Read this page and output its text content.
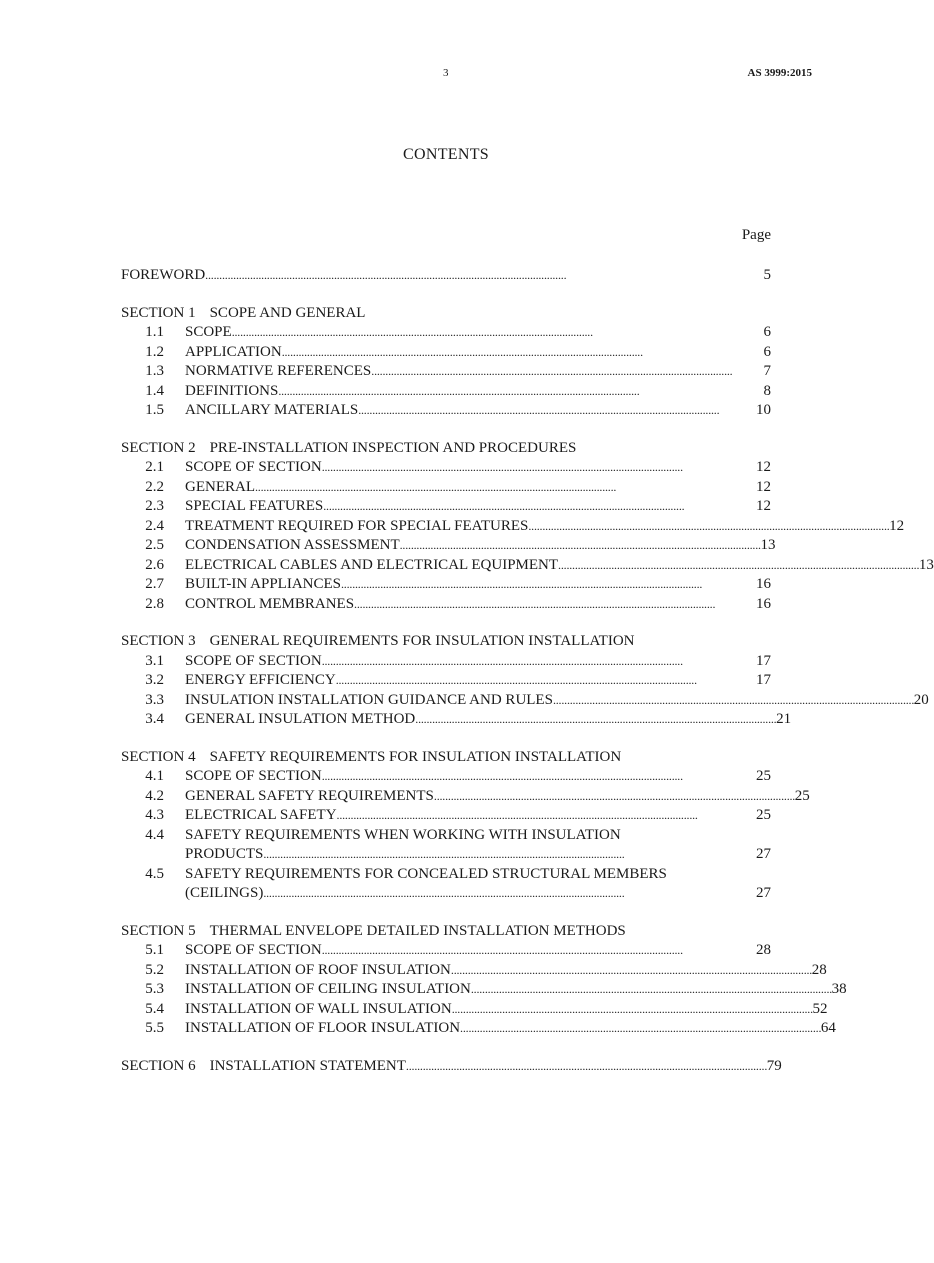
3	AS 3999:2015
CONTENTS
Page
FOREWORD . . .	5
SECTION 1 SCOPE AND GENERAL
1.1	SCOPE . . .	6
1.2	APPLICATION . . .	6
1.3	NORMATIVE REFERENCES . . .	7
1.4	DEFINITIONS . . .	8
1.5	ANCILLARY MATERIALS . . .	10
SECTION 2 PRE-INSTALLATION INSPECTION AND PROCEDURES
2.1	SCOPE OF SECTION . . .	12
2.2	GENERAL . . .	12
2.3	SPECIAL FEATURES . . .	12
2.4	TREATMENT REQUIRED FOR SPECIAL FEATURES . . .	12
2.5	CONDENSATION ASSESSMENT . . .	13
2.6	ELECTRICAL CABLES AND ELECTRICAL EQUIPMENT . . .	13
2.7	BUILT-IN APPLIANCES . . .	16
2.8	CONTROL MEMBRANES . . .	16
SECTION 3 GENERAL REQUIREMENTS FOR INSULATION INSTALLATION
3.1	SCOPE OF SECTION . . .	17
3.2	ENERGY EFFICIENCY . . .	17
3.3	INSULATION INSTALLATION GUIDANCE AND RULES . . .	20
3.4	GENERAL INSULATION METHOD . . .	21
SECTION 4 SAFETY REQUIREMENTS FOR INSULATION INSTALLATION
4.1	SCOPE OF SECTION . . .	25
4.2	GENERAL SAFETY REQUIREMENTS . . .	25
4.3	ELECTRICAL SAFETY . . .	25
4.4	SAFETY REQUIREMENTS WHEN WORKING WITH INSULATION
PRODUCTS . . .	27
4.5	SAFETY REQUIREMENTS FOR CONCEALED STRUCTURAL MEMBERS
(CEILINGS) . . .	27
SECTION 5 THERMAL ENVELOPE DETAILED INSTALLATION METHODS
5.1	SCOPE OF SECTION . . .	28
5.2	INSTALLATION OF ROOF INSULATION . . .	28
5.3	INSTALLATION OF CEILING INSULATION . . .	38
5.4	INSTALLATION OF WALL INSULATION . . .	52
5.5	INSTALLATION OF FLOOR INSULATION . . .	64
SECTION 6 INSTALLATION STATEMENT . . .	79
